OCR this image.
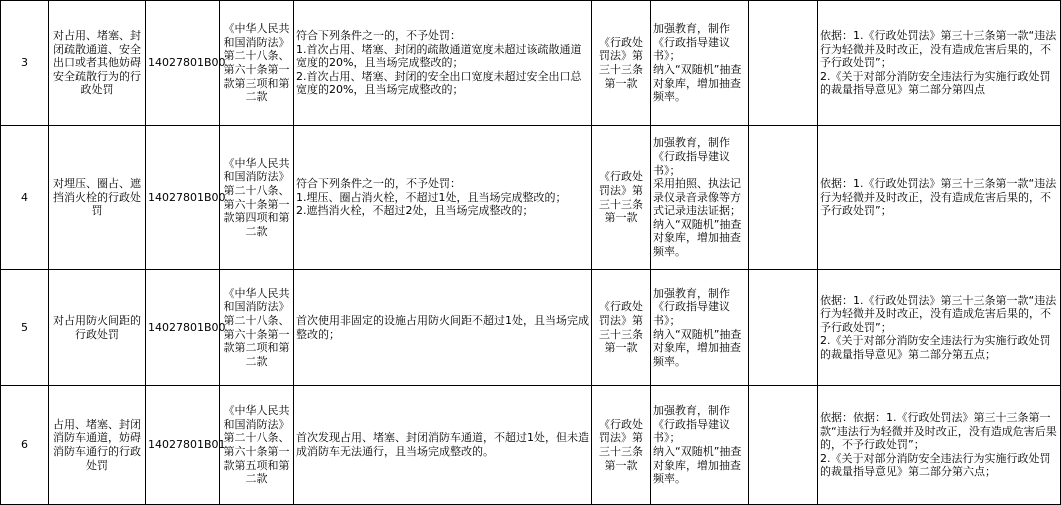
3	对占用、堵塞、封闭疏散通道、安全出口或者其他妨碍安全疏散行为的行政处罚	14027801B00	《中华人民共和国消防法》第二十八条、第六十条第一款第三项和第二款	符合下列条件之一的，不予处罚：
1.首次占用、堵塞、封闭的疏散通道宽度未超过该疏散通道宽度的20%，且当场完成整改的；
2.首次占用、堵塞、封闭的安全出口宽度未超过安全出口总宽度的20%，且当场完成整改的；	《行政处罚法》第三十三条第一款	加强教育，制作《行政指导建议书》；
纳入“双随机”抽查对象库，增加抽查频率。		依据：1.《行政处罚法》第三十三条第一款“违法行为轻微并及时改正，没有造成危害后果的，不予行政处罚”；
2.《关于对部分消防安全违法行为实施行政处罚的裁量指导意见》第二部分第四点

4	对埋压、圈占、遮挡消火栓的行政处罚	14027801B00	《中华人民共和国消防法》第二十八条、第六十条第一款第四项和第二款	符合下列条件之一的，不予处罚：
1.埋压、圈占消火栓，不超过1处，且当场完成整改的；
2.遮挡消火栓，不超过2处，且当场完成整改的；	《行政处罚法》第三十三条第一款	加强教育，制作《行政指导建议书》；
采用拍照、执法记录仪录音录像等方式记录违法证据；
纳入“双随机”抽查对象库，增加抽查频率。		依据：1.《行政处罚法》第三十三条第一款“违法行为轻微并及时改正，没有造成危害后果的，不予行政处罚”；

5	对占用防火间距的行政处罚	14027801B00	《中华人民共和国消防法》第二十八条、第六十条第一款第二项和第二款	首次使用非固定的设施占用防火间距不超过1处，且当场完成整改的；	《行政处罚法》第三十三条第一款	加强教育，制作《行政指导建议书》；
纳入“双随机”抽查对象库，增加抽查频率。		依据：1.《行政处罚法》第三十三条第一款“违法行为轻微并及时改正，没有造成危害后果的，不予行政处罚”；
2.《关于对部分消防安全违法行为实施行政处罚的裁量指导意见》第二部分第五点；

6	占用、堵塞、封闭消防车通道，妨碍消防车通行的行政处罚	14027801B01	《中华人民共和国消防法》第二十八条、第六十条第一款第五项和第二款	首次发现占用、堵塞、封闭消防车通道，不超过1处，但未造成消防车无法通行，且当场完成整改的。	《行政处罚法》第三十三条第一款	加强教育，制作《行政指导建议书》；
纳入“双随机”抽查对象库，增加抽查频率。		依据：依据：1.《行政处罚法》第三十三条第一款“违法行为轻微并及时改正，没有造成危害后果的，不予行政处罚”；
2.《关于对部分消防安全违法行为实施行政处罚的裁量指导意见》第二部分第六点；
